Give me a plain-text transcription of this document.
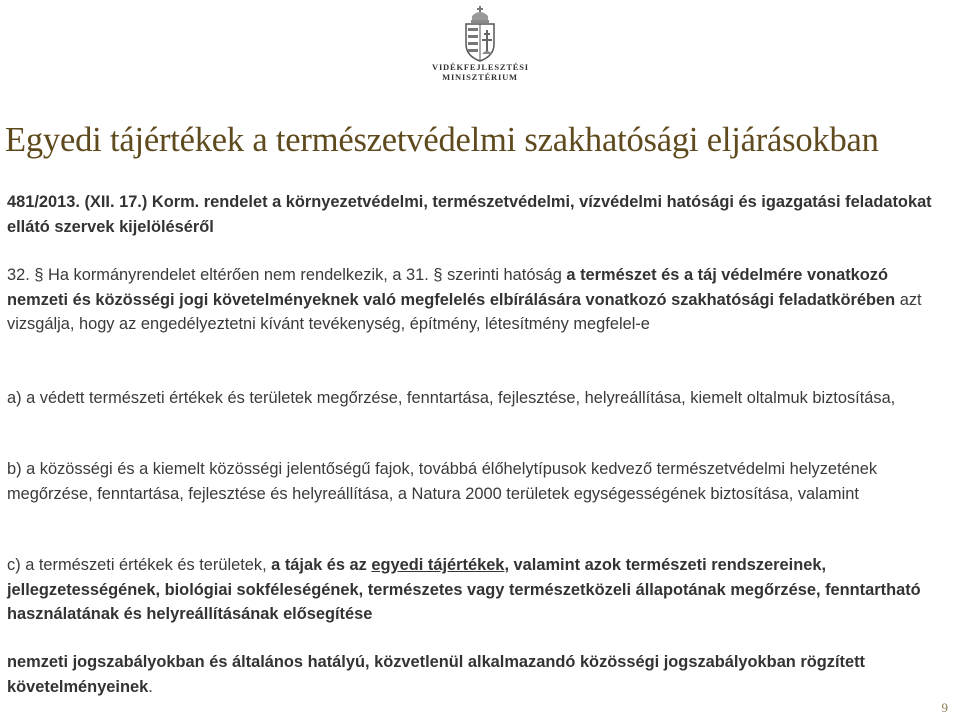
VIDÉKFEJLESZTÉSI
MINISZTÉRIUM
Egyedi tájértékek a természetvédelmi szakhatósági eljárásokban

481/2013. (XII. 17.) Korm. rendelet a környezetvédelmi, természetvédelmi, vízvédelmi hatósági és igazgatási feladatokat ellátó szervek kijelöléséről

32. § Ha kormányrendelet eltérően nem rendelkezik, a 31. § szerinti hatóság a természet és a táj védelmére vonatkozó nemzeti és közösségi jogi követelményeknek való megfelelés elbírálására vonatkozó szakhatósági feladatkörében azt vizsgálja, hogy az engedélyeztetni kívánt tevékenység, építmény, létesítmény megfelel-e

a) a védett természeti értékek és területek megőrzése, fenntartása, fejlesztése, helyreállítása, kiemelt oltalmuk biztosítása,

b) a közösségi és a kiemelt közösségi jelentőségű fajok, továbbá élőhelytípusok kedvező természetvédelmi helyzetének megőrzése, fenntartása, fejlesztése és helyreállítása, a Natura 2000 területek egységességének biztosítása, valamint

c) a természeti értékek és területek, a tájak és az egyedi tájértékek, valamint azok természeti rendszereinek, jellegzetességének, biológiai sokféleségének, természetes vagy természetközeli állapotának megőrzése, fenntartható használatának és helyreállításának elősegítése

nemzeti jogszabályokban és általános hatályú, közvetlenül alkalmazandó közösségi jogszabályokban rögzített követelményeinek.

9
